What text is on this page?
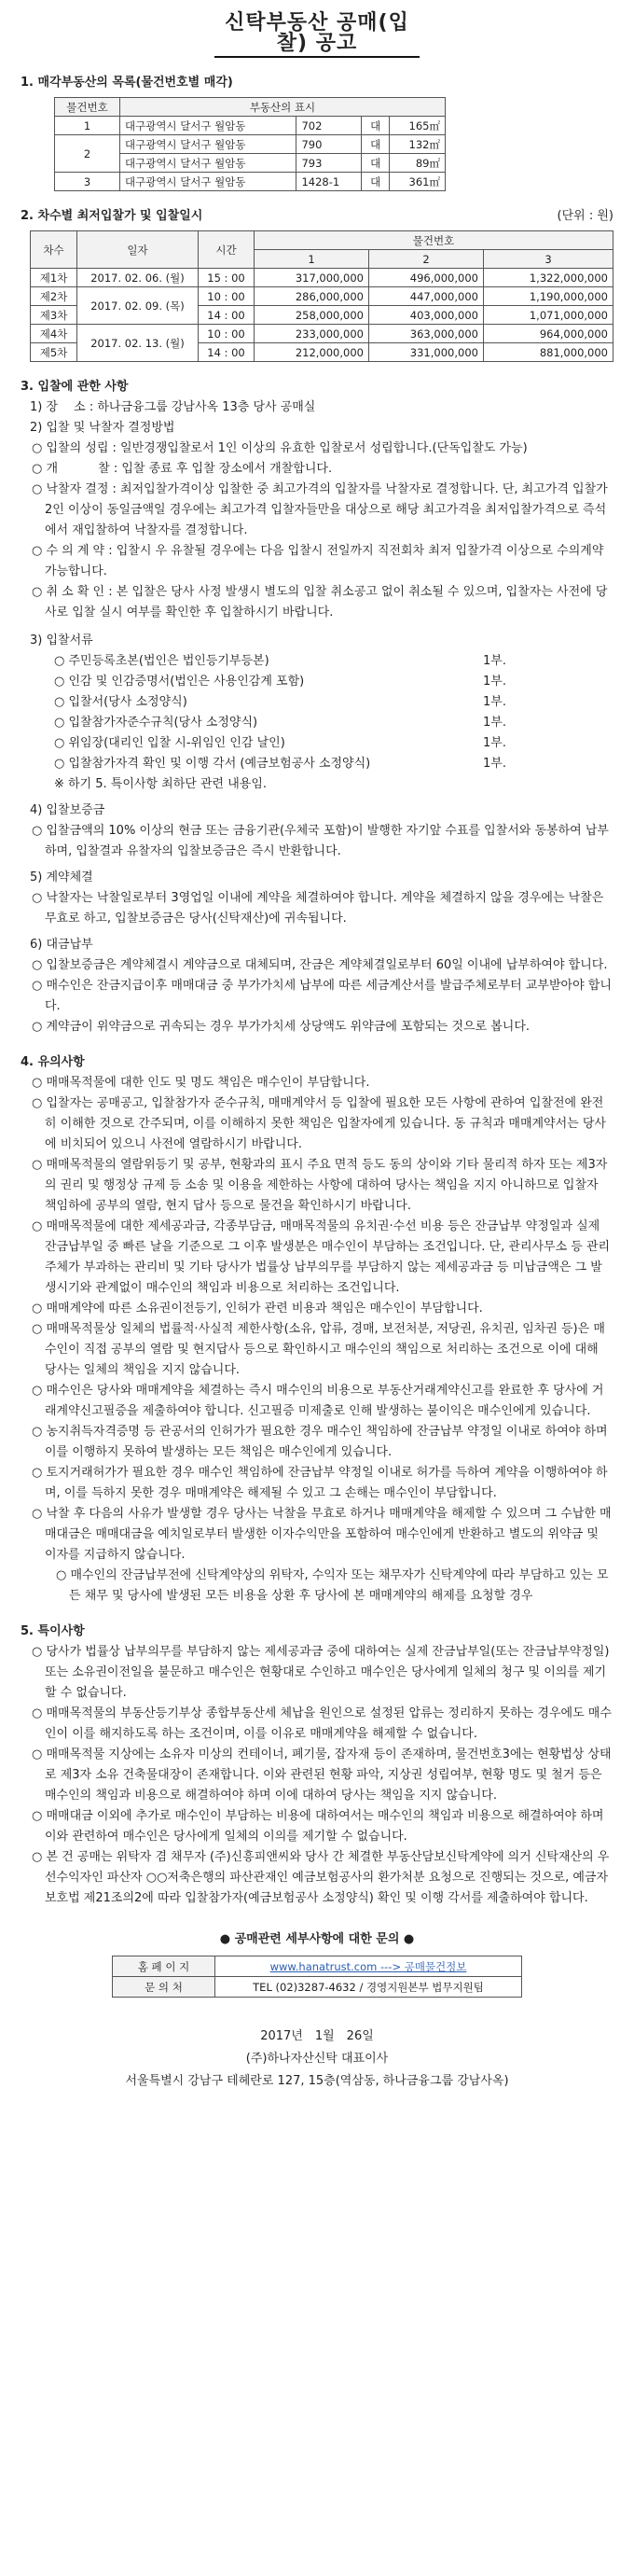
신탁부동산 공매(입찰) 공고
1. 매각부동산의 목록(물건번호별 매각)
물건번호	부동산의 표시			
1	대구광역시 달서구 월암동	702	대	165㎡
2	대구광역시 달서구 월암동	790	대	132㎡
	대구광역시 달서구 월암동	793	대	89㎡
3	대구광역시 달서구 월암동	1428-1	대	361㎡
2. 차수별 최저입찰가 및 입찰일시	(단위 : 원)
차수	일자	시간	물건번호		
			1	2	3
제1차	2017. 02. 06. (월)	15 : 00	317,000,000	496,000,000	1,322,000,000
제2차	2017. 02. 09. (목)	10 : 00	286,000,000	447,000,000	1,190,000,000
제3차		14 : 00	258,000,000	403,000,000	1,071,000,000
제4차	2017. 02. 13. (월)	10 : 00	233,000,000	363,000,000	964,000,000
제5차		14 : 00	212,000,000	331,000,000	881,000,000
3. 입찰에 관한 사항
1) 장　 소 : 하나금융그룹 강남사옥 13층 당사 공매실
2) 입찰 및 낙찰자 결정방법
○ 입찰의 성립 : 일반경쟁입찰로서 1인 이상의 유효한 입찰로서 성립합니다.(단독입찰도 가능)
○ 개　　　 찰 : 입찰 종료 후 입찰 장소에서 개찰합니다.
○ 낙찰자 결정 : 최저입찰가격이상 입찰한 중 최고가격의 입찰자를 낙찰자로 결정합니다. 단, 최고가격 입찰가 2인 이상이 동일금액일 경우에는 최고가격 입찰자들만을 대상으로 해당 최고가격을 최저입찰가격으로 즉석에서 재입찰하여 낙찰자를 결정합니다.
○ 수 의 계 약 : 입찰시 우 유찰될 경우에는 다음 입찰시 전일까지 직전회차 최저 입찰가격 이상으로 수의계약 가능합니다.
○ 취 소 확 인 : 본 입찰은 당사 사정 발생시 별도의 입찰 취소공고 없이 취소될 수 있으며, 입찰자는 사전에 당사로 입찰 실시 여부를 확인한 후 입찰하시기 바랍니다.
3) 입찰서류
○ 주민등록초본(법인은 법인등기부등본)	1부.
○ 인감 및 인감증명서(법인은 사용인감계 포함)	1부.
○ 입찰서(당사 소정양식)	1부.
○ 입찰참가자준수규칙(당사 소정양식)	1부.
○ 위임장(대리인 입찰 시-위임인 인감 날인)	1부.
○ 입찰참가자격 확인 및 이행 각서 (예금보험공사 소정양식)	1부.
※ 하기 5. 특이사항 최하단 관련 내용임.
4) 입찰보증금
○ 입찰금액의 10% 이상의 현금 또는 금융기관(우체국 포함)이 발행한 자기앞 수표를 입찰서와 동봉하여 납부하며, 입찰결과 유찰자의 입찰보증금은 즉시 반환합니다.
5) 계약체결
○ 낙찰자는 낙찰일로부터 3영업일 이내에 계약을 체결하여야 합니다. 계약을 체결하지 않을 경우에는 낙찰은 무효로 하고, 입찰보증금은 당사(신탁재산)에 귀속됩니다.
6) 대금납부
○ 입찰보증금은 계약체결시 계약금으로 대체되며, 잔금은 계약체결일로부터 60일 이내에 납부하여야 합니다.
○ 매수인은 잔금지급이후 매매대금 중 부가가치세 납부에 따른 세금계산서를 발급주체로부터 교부받아야 합니다.
○ 계약금이 위약금으로 귀속되는 경우 부가가치세 상당액도 위약금에 포함되는 것으로 봅니다.
4. 유의사항
○ 매매목적물에 대한 인도 및 명도 책임은 매수인이 부담합니다.
○ 입찰자는 공매공고, 입찰참가자 준수규칙, 매매계약서 등 입찰에 필요한 모든 사항에 관하여 입찰전에 완전히 이해한 것으로 간주되며, 이를 이해하지 못한 책임은 입찰자에게 있습니다. 동 규칙과 매매계약서는 당사에 비치되어 있으니 사전에 열람하시기 바랍니다.
○ 매매목적물의 열람위등기 및 공부, 현황과의 표시 주요 면적 등도 동의 상이와 기타 물리적 하자 또는 제3자의 권리 및 행정상 규제 등 소송 및 이용을 제한하는 사항에 대하여 당사는 책임을 지지 아니하므로 입찰자 책임하에 공부의 열람, 현지 답사 등으로 물건을 확인하시기 바랍니다.
○ 매매목적물에 대한 제세공과금, 각종부담금, 매매목적물의 유치권·수선 비용 등은 잔금납부 약정일과 실제 잔금납부일 중 빠른 날을 기준으로 그 이후 발생분은 매수인이 부담하는 조건입니다. 단, 관리사무소 등 관리주체가 부과하는 관리비 및 기타 당사가 법률상 납부의무를 부담하지 않는 제세공과금 등 미납금액은 그 발생시기와 관계없이 매수인의 책임과 비용으로 처리하는 조건입니다.
○ 매매계약에 따른 소유권이전등기, 인허가 관련 비용과 책임은 매수인이 부담합니다.
○ 매매목적물상 일체의 법률적·사실적 제한사항(소유, 압류, 경매, 보전처분, 저당권, 유치권, 임차권 등)은 매수인이 직접 공부의 열람 및 현지답사 등으로 확인하시고 매수인의 책임으로 처리하는 조건으로 이에 대해 당사는 일체의 책임을 지지 않습니다.
○ 매수인은 당사와 매매계약을 체결하는 즉시 매수인의 비용으로 부동산거래계약신고를 완료한 후 당사에 거래계약신고필증을 제출하여야 합니다. 신고필증 미제출로 인해 발생하는 불이익은 매수인에게 있습니다.
○ 농지취득자격증명 등 관공서의 인허가가 필요한 경우 매수인 책임하에 잔금납부 약정일 이내로 하여야 하며 이를 이행하지 못하여 발생하는 모든 책임은 매수인에게 있습니다.
○ 토지거래허가가 필요한 경우 매수인 책임하에 잔금납부 약정일 이내로 허가를 득하여 계약을 이행하여야 하며, 이를 득하지 못한 경우 매매계약은 해제될 수 있고 그 손해는 매수인이 부담합니다.
○ 낙찰 후 다음의 사유가 발생할 경우 당사는 낙찰을 무효로 하거나 매매계약을 해제할 수 있으며 그 수납한 매매대금은 매매대금을 예치일로부터 발생한 이자수익만을 포함하여 매수인에게 반환하고 별도의 위약금 및 이자를 지급하지 않습니다.
○ 매수인의 잔금납부전에 신탁계약상의 위탁자, 수익자 또는 채무자가 신탁계약에 따라 부담하고 있는 모든 채무 및 당사에 발생된 모든 비용을 상환 후 당사에 본 매매계약의 해제를 요청할 경우
5. 특이사항
○ 당사가 법률상 납부의무를 부담하지 않는 제세공과금 중에 대하여는 실제 잔금납부일(또는 잔금납부약정일) 또는 소유권이전일을 불문하고 매수인은 현황대로 수인하고 매수인은 당사에게 일체의 청구 및 이의를 제기할 수 없습니다.
○ 매매목적물의 부동산등기부상 종합부동산세 체납을 원인으로 설정된 압류는 정리하지 못하는 경우에도 매수인이 이를 해지하도록 하는 조건이며, 이를 이유로 매매계약을 해제할 수 없습니다.
○ 매매목적물 지상에는 소유자 미상의 컨테이너, 폐기물, 잡자재 등이 존재하며, 물건번호3에는 현황법상 상태로 제3자 소유 건축물대장이 존재합니다. 이와 관련된 현황 파악, 지상권 성립여부, 현황 명도 및 철거 등은 매수인의 책임과 비용으로 해결하여야 하며 이에 대하여 당사는 책임을 지지 않습니다.
○ 매매대금 이외에 추가로 매수인이 부담하는 비용에 대하여서는 매수인의 책임과 비용으로 해결하여야 하며 이와 관련하여 매수인은 당사에게 일체의 이의를 제기할 수 없습니다.
○ 본 건 공매는 위탁자 겸 채무자 (주)신흥피앤씨와 당사 간 체결한 부동산담보신탁계약에 의거 신탁재산의 우선수익자인 파산자 ○○저축은행의 파산관재인 예금보험공사의 환가처분 요청으로 진행되는 것으로, 예금자보호법 제21조의2에 따라 입찰참가자(예금보험공사 소정양식) 확인 및 이행 각서를 제출하여야 합니다.
● 공매관련 세부사항에 대한 문의 ●
홈 페 이 지	www.hanatrust.com ---> 공매물건정보
문 의 처	TEL (02)3287-4632 / 경영지원본부 법무지원팀
2017년　1월　26일
(주)하나자산신탁 대표이사
서울특별시 강남구 테헤란로 127, 15층(역삼동, 하나금융그룹 강남사옥)
